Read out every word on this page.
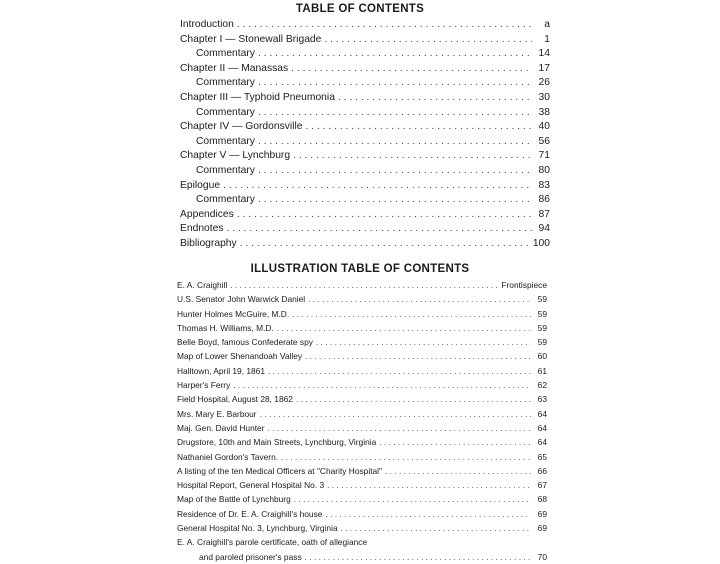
TABLE OF CONTENTS
Introduction . . .	a
Chapter I — Stonewall Brigade . . .	1
Commentary . . .	14
Chapter II — Manassas . . .	17
Commentary . . .	26
Chapter III — Typhoid Pneumonia . . .	30
Commentary . . .	38
Chapter IV — Gordonsville . . .	40
Commentary . . .	56
Chapter V — Lynchburg . . .	71
Commentary . . .	80
Epilogue . . .	83
Commentary . . .	86
Appendices . . .	87
Endnotes . . .	94
Bibliography . . .	100
ILLUSTRATION TABLE OF CONTENTS
E. A. Craighill . . .	Frontispiece
U.S. Senator John Warwick Daniel . . .	59
Hunter Holmes McGuire, M.D. . . .	59
Thomas H. Williams, M.D. . . .	59
Belle Boyd, famous Confederate spy . . .	59
Map of Lower Shenandoah Valley . . .	60
Halltown, April 19, 1861 . . .	61
Harper's Ferry . . .	62
Field Hospital, August 28, 1862 . . .	63
Mrs. Mary E. Barbour . . .	64
Maj. Gen. David Hunter . . .	64
Drugstore, 10th and Main Streets, Lynchburg, Virginia . . .	64
Nathaniel Gordon's Tavern. . . .	65
A listing of the ten Medical Officers at "Charity Hospital" . . .	66
Hospital Report, General Hospital No. 3 . . .	67
Map of the Battle of Lynchburg . . .	68
Residence of Dr. E. A. Craighill's house . . .	69
General Hospital No. 3, Lynchburg, Virginia . . .	69
E. A. Craighill's parole certificate, oath of allegiance
and paroled prisoner's pass . . .	70
